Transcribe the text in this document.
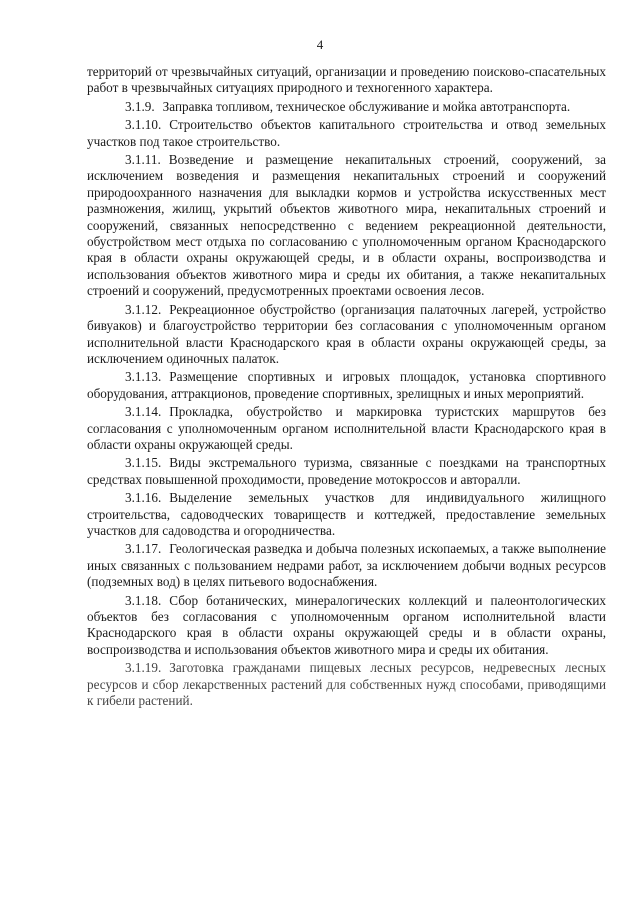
4

территорий от чрезвычайных ситуаций, организации и проведению поисково-спасательных работ в чрезвычайных ситуациях природного и техногенного характера.

3.1.9. Заправка топливом, техническое обслуживание и мойка автотранспорта.

3.1.10. Строительство объектов капитального строительства и отвод земельных участков под такое строительство.

3.1.11. Возведение и размещение некапитальных строений, сооружений, за исключением возведения и размещения некапитальных строений и сооружений природоохранного назначения для выкладки кормов и устройства искусственных мест размножения, жилищ, укрытий объектов животного мира, некапитальных строений и сооружений, связанных непосредственно с ведением рекреационной деятельности, обустройством мест отдыха по согласованию с уполномоченным органом Краснодарского края в области охраны окружающей среды, и в области охраны, воспроизводства и использования объектов животного мира и среды их обитания, а также некапитальных строений и сооружений, предусмотренных проектами освоения лесов.

3.1.12. Рекреационное обустройство (организация палаточных лагерей, устройство бивуаков) и благоустройство территории без согласования с уполномоченным органом исполнительной власти Краснодарского края в области охраны окружающей среды, за исключением одиночных палаток.

3.1.13. Размещение спортивных и игровых площадок, установка спортивного оборудования, аттракционов, проведение спортивных, зрелищных и иных мероприятий.

3.1.14. Прокладка, обустройство и маркировка туристских маршрутов без согласования с уполномоченным органом исполнительной власти Краснодарского края в области охраны окружающей среды.

3.1.15. Виды экстремального туризма, связанные с поездками на транспортных средствах повышенной проходимости, проведение мотокроссов и авторалли.

3.1.16. Выделение земельных участков для индивидуального жилищного строительства, садоводческих товариществ и коттеджей, предоставление земельных участков для садоводства и огородничества.

3.1.17. Геологическая разведка и добыча полезных ископаемых, а также выполнение иных связанных с пользованием недрами работ, за исключением добычи водных ресурсов (подземных вод) в целях питьевого водоснабжения.

3.1.18. Сбор ботанических, минералогических коллекций и палеонтологических объектов без согласования с уполномоченным органом исполнительной власти Краснодарского края в области охраны окружающей среды и в области охраны, воспроизводства и использования объектов животного мира и среды их обитания.

3.1.19. Заготовка гражданами пищевых лесных ресурсов, недревесных лесных ресурсов и сбор лекарственных растений для собственных нужд способами, приводящими к гибели растений.
